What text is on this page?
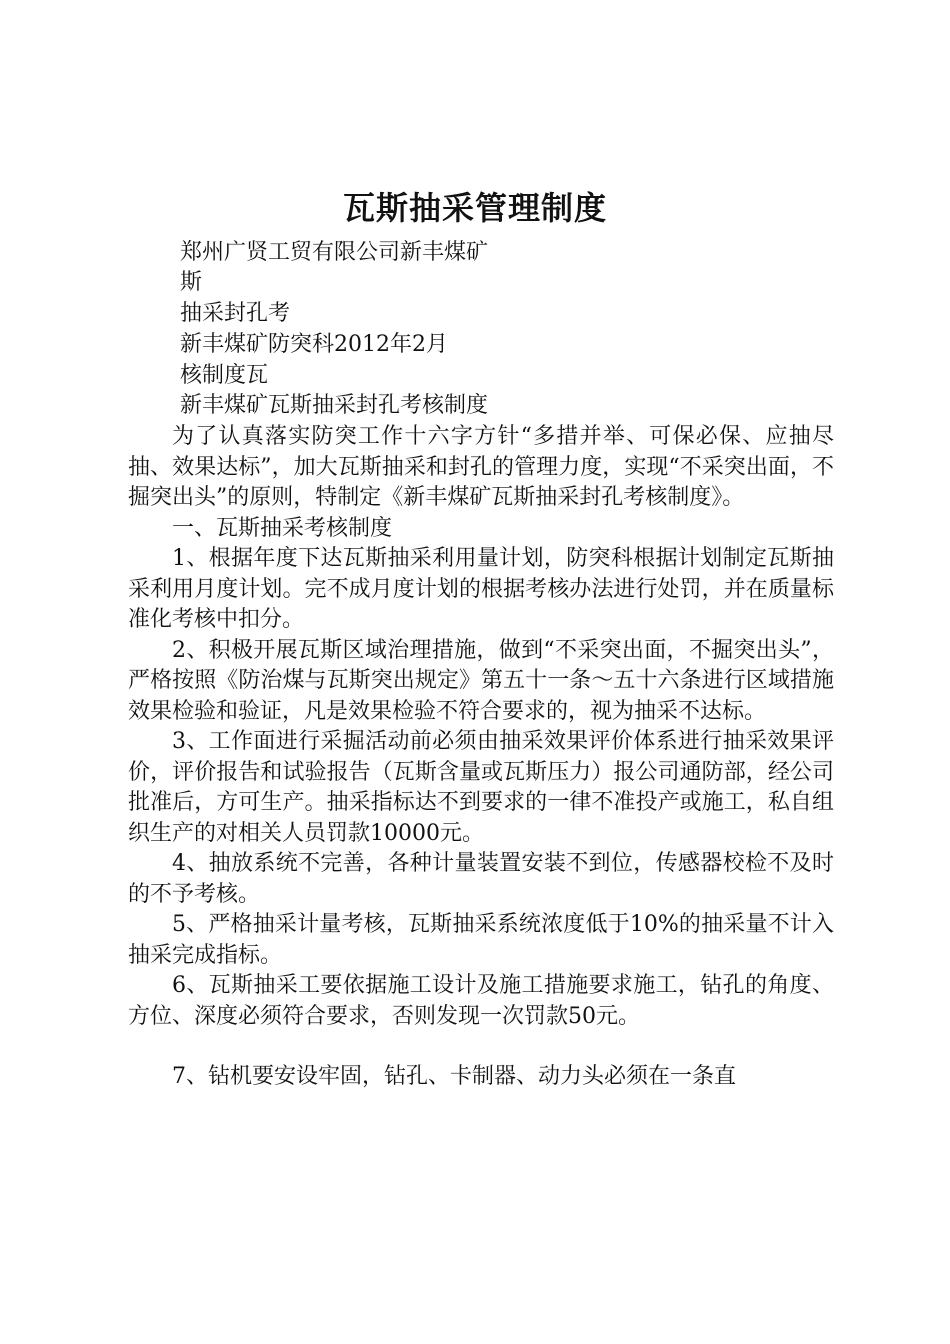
瓦斯抽采管理制度
郑州广贤工贸有限公司新丰煤矿
斯
抽采封孔考
新丰煤矿防突科2012年2月
核制度瓦
新丰煤矿瓦斯抽采封孔考核制度

为了认真落实防突工作十六字方针“多措并举、可保必保、应抽尽抽、效果达标”，加大瓦斯抽采和封孔的管理力度，实现“不采突出面，不掘突出头”的原则，特制定《新丰煤矿瓦斯抽采封孔考核制度》。

一、瓦斯抽采考核制度

1、根据年度下达瓦斯抽采利用量计划，防突科根据计划制定瓦斯抽采利用月度计划。完不成月度计划的根据考核办法进行处罚，并在质量标准化考核中扣分。

2、积极开展瓦斯区域治理措施，做到“不采突出面，不掘突出头”，严格按照《防治煤与瓦斯突出规定》第五十一条～五十六条进行区域措施效果检验和验证，凡是效果检验不符合要求的，视为抽采不达标。

3、工作面进行采掘活动前必须由抽采效果评价体系进行抽采效果评价，评价报告和试验报告（瓦斯含量或瓦斯压力）报公司通防部，经公司批准后，方可生产。抽采指标达不到要求的一律不准投产或施工，私自组织生产的对相关人员罚款10000元。

4、抽放系统不完善，各种计量装置安装不到位，传感器校检不及时的不予考核。

5、严格抽采计量考核，瓦斯抽采系统浓度低于10%的抽采量不计入抽采完成指标。

6、瓦斯抽采工要依据施工设计及施工措施要求施工，钻孔的角度、方位、深度必须符合要求，否则发现一次罚款50元。

7、钻机要安设牢固，钻孔、卡制器、动力头必须在一条直
